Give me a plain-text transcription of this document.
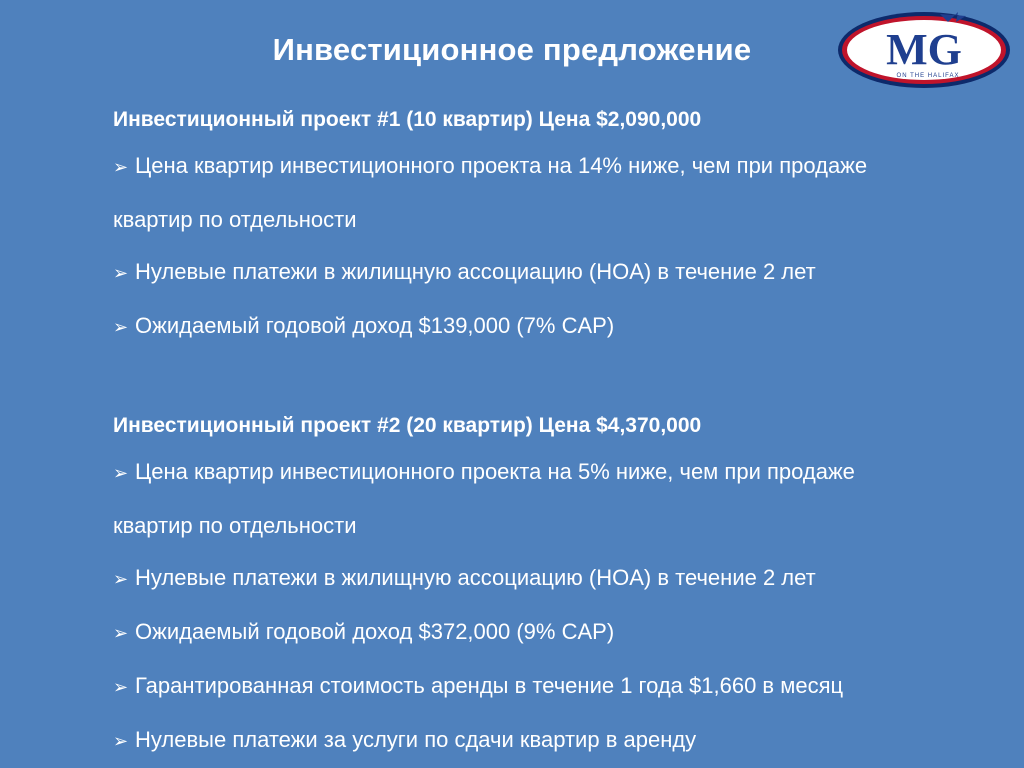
Инвестиционное предложение	MG
ON THE HALIFAX
Инвестиционный проект #1 (10 квартир) Цена $2,090,000
➢ Цена квартир инвестиционного проекта на 14% ниже, чем при продаже
квартир по отдельности
➢ Нулевые платежи в жилищную ассоциацию (HOA) в течение 2 лет
➢ Ожидаемый годовой доход $139,000 (7% CAP)
Инвестиционный проект #2 (20 квартир) Цена $4,370,000
➢ Цена квартир инвестиционного проекта на 5% ниже, чем при продаже
квартир по отдельности
➢ Нулевые платежи в жилищную ассоциацию (HOA) в течение 2 лет
➢ Ожидаемый годовой доход $372,000 (9% CAP)
➢ Гарантированная стоимость аренды в течение 1 года $1,660 в месяц
➢ Нулевые платежи за услуги по сдачи квартир в аренду
